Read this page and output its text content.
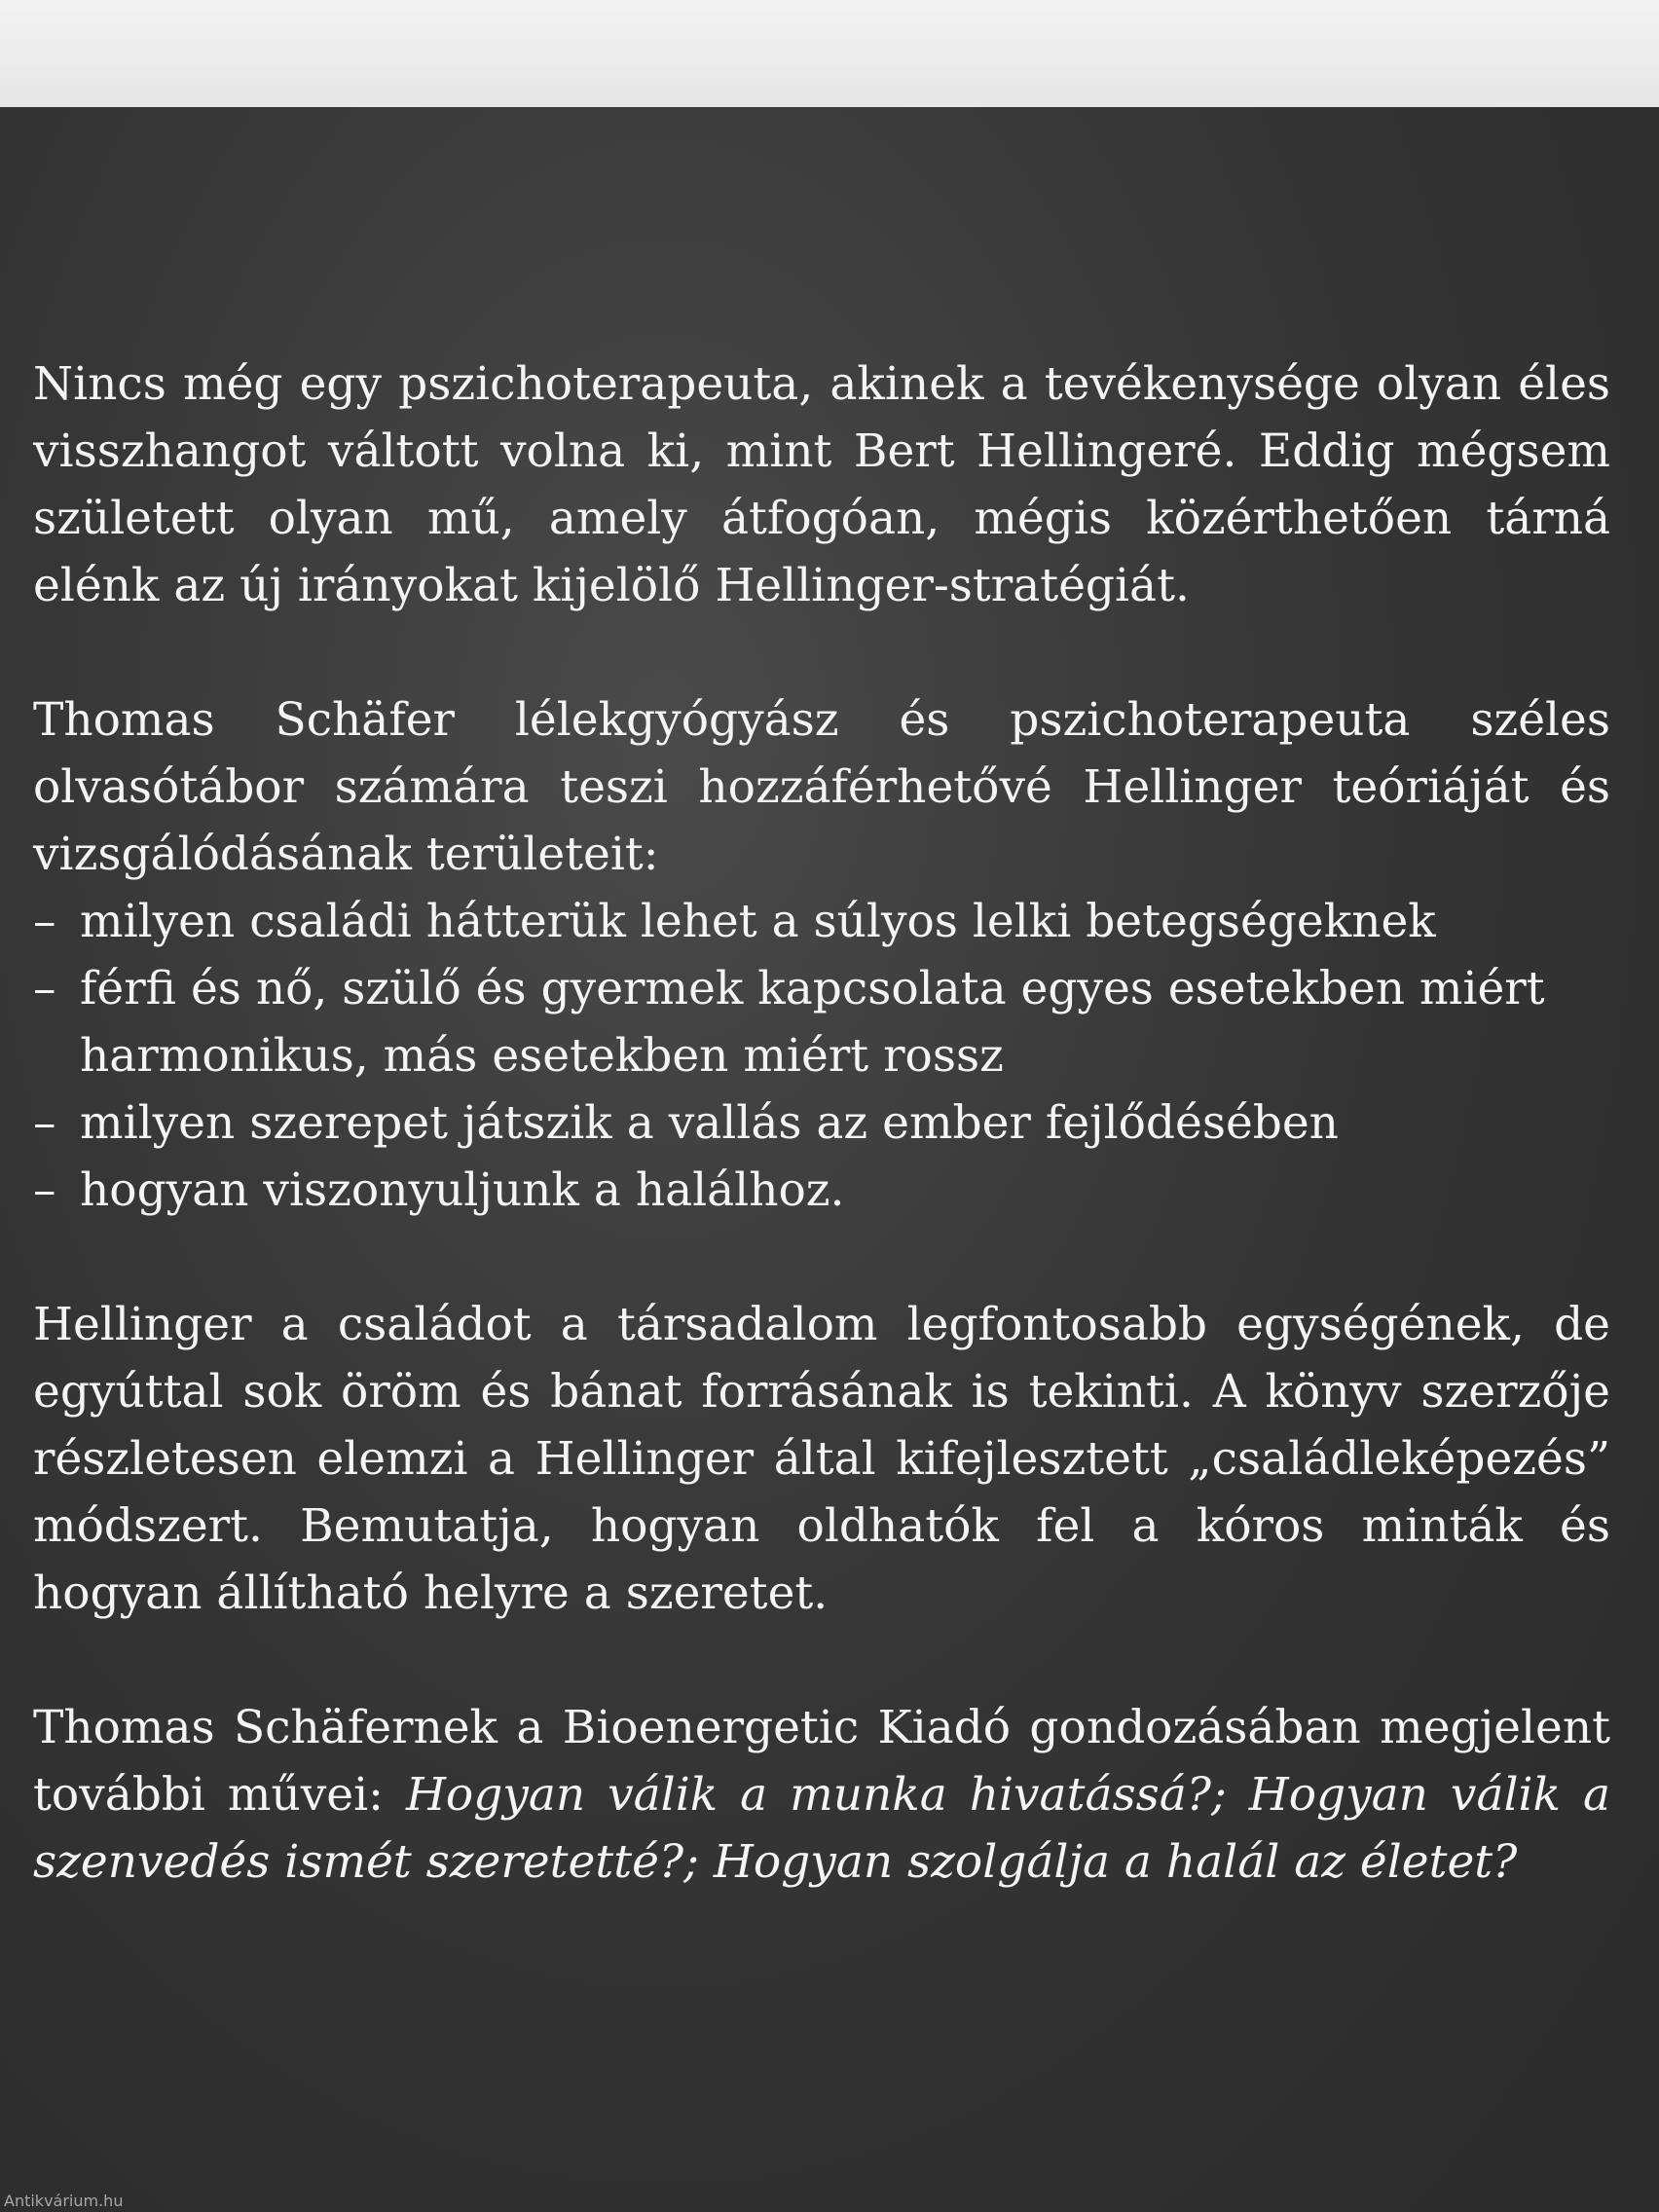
Nincs még egy pszichoterapeuta, akinek a tevékenysége olyan éles visszhangot váltott volna ki, mint Bert Hellingeré. Eddig mégsem született olyan mű, amely átfogóan, mégis közérthetően tárná elénk az új irányokat kijelölő Hellinger-stratégiát.

Thomas Schäfer lélekgyógyász és pszichoterapeuta széles olvasótábor számára teszi hozzáférhetővé Hellinger teóriáját és vizsgálódásának területeit:

– milyen családi hátterük lehet a súlyos lelki betegségeknek

– férfi és nő, szülő és gyermek kapcsolata egyes esetekben miért harmonikus, más esetekben miért rossz

– milyen szerepet játszik a vallás az ember fejlődésében

– hogyan viszonyuljunk a halálhoz.

Hellinger a családot a társadalom legfontosabb egységének, de egyúttal sok öröm és bánat forrásának is tekinti. A könyv szerzője részletesen elemzi a Hellinger által kifejlesztett „családleképezés” módszert. Bemutatja, hogyan oldhatók fel a kóros minták és hogyan állítható helyre a szeretet.

Thomas Schäfernek a Bioenergetic Kiadó gondozásában megjelent további művei: Hogyan válik a munka hivatássá?; Hogyan válik a szenvedés ismét szeretetté?; Hogyan szolgálja a halál az életet?

Antikvárium.hu
